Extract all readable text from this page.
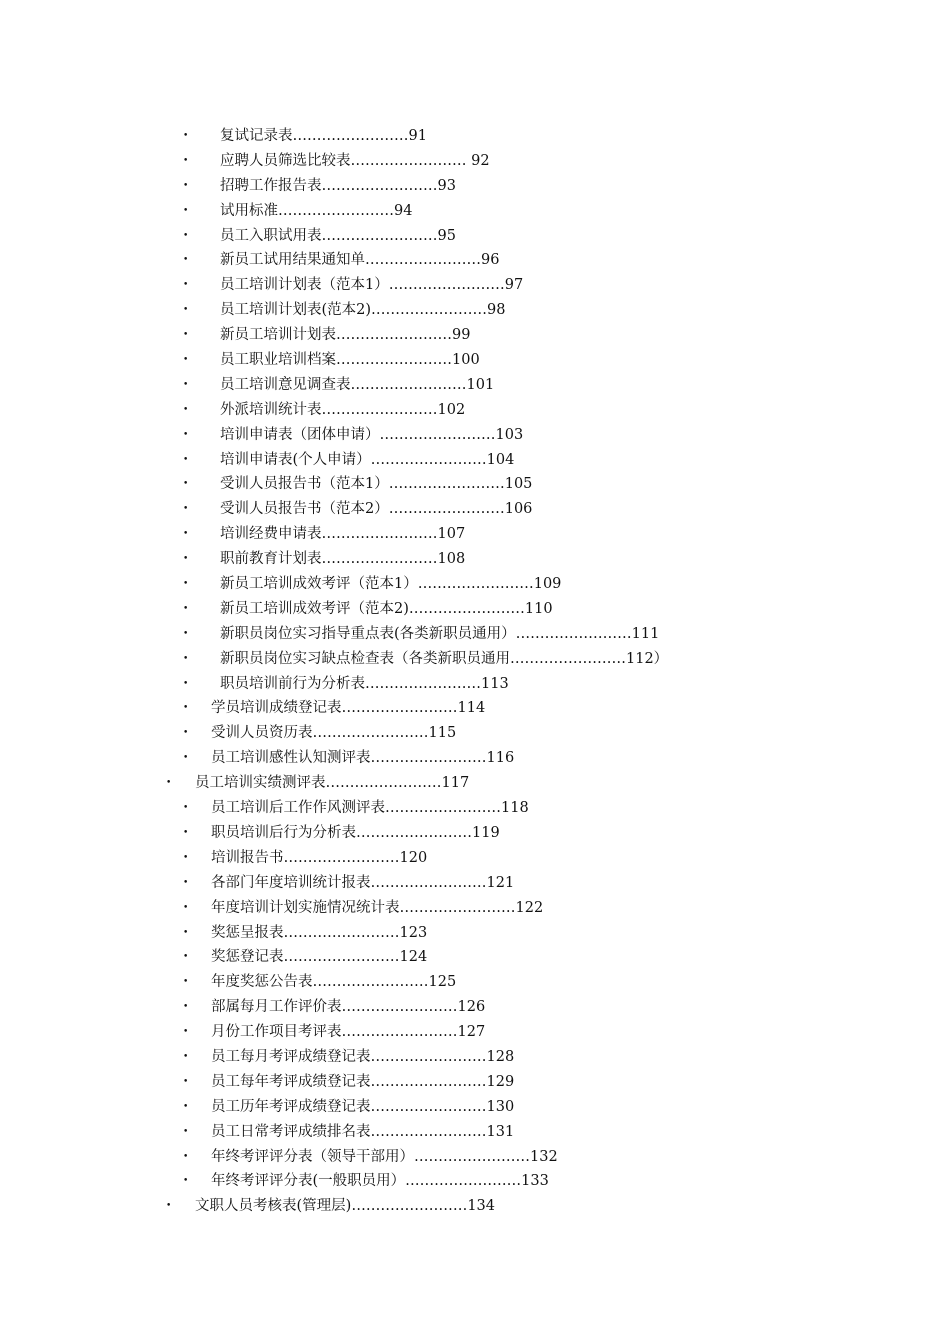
• 复试记录表……………………91
• 应聘人员筛选比较表…………………… 92
• 招聘工作报告表……………………93
• 试用标准……………………94
• 员工入职试用表……………………95
• 新员工试用结果通知单……………………96
• 员工培训计划表（范本1）……………………97
• 员工培训计划表(范本2)……………………98
• 新员工培训计划表……………………99
• 员工职业培训档案……………………100
• 员工培训意见调查表……………………101
• 外派培训统计表……………………102
• 培训申请表（团体申请）……………………103
• 培训申请表(个人申请）……………………104
• 受训人员报告书（范本1）……………………105
• 受训人员报告书（范本2）……………………106
• 培训经费申请表……………………107
• 职前教育计划表……………………108
• 新员工培训成效考评（范本1）……………………109
• 新员工培训成效考评（范本2)……………………110
• 新职员岗位实习指导重点表(各类新职员通用）……………………111
• 新职员岗位实习缺点检查表（各类新职员通用……………………112）
• 职员培训前行为分析表……………………113
• 学员培训成绩登记表……………………114
• 受训人员资历表……………………115
• 员工培训感性认知测评表……………………116
• 员工培训实绩测评表……………………117
• 员工培训后工作作风测评表……………………118
• 职员培训后行为分析表……………………119
• 培训报告书……………………120
• 各部门年度培训统计报表……………………121
• 年度培训计划实施情况统计表……………………122
• 奖惩呈报表……………………123
• 奖惩登记表……………………124
• 年度奖惩公告表……………………125
• 部属每月工作评价表……………………126
• 月份工作项目考评表……………………127
• 员工每月考评成绩登记表……………………128
• 员工每年考评成绩登记表……………………129
• 员工历年考评成绩登记表……………………130
• 员工日常考评成绩排名表……………………131
• 年终考评评分表（领导干部用）……………………132
• 年终考评评分表(一般职员用）……………………133
• 文职人员考核表(管理层)……………………134
